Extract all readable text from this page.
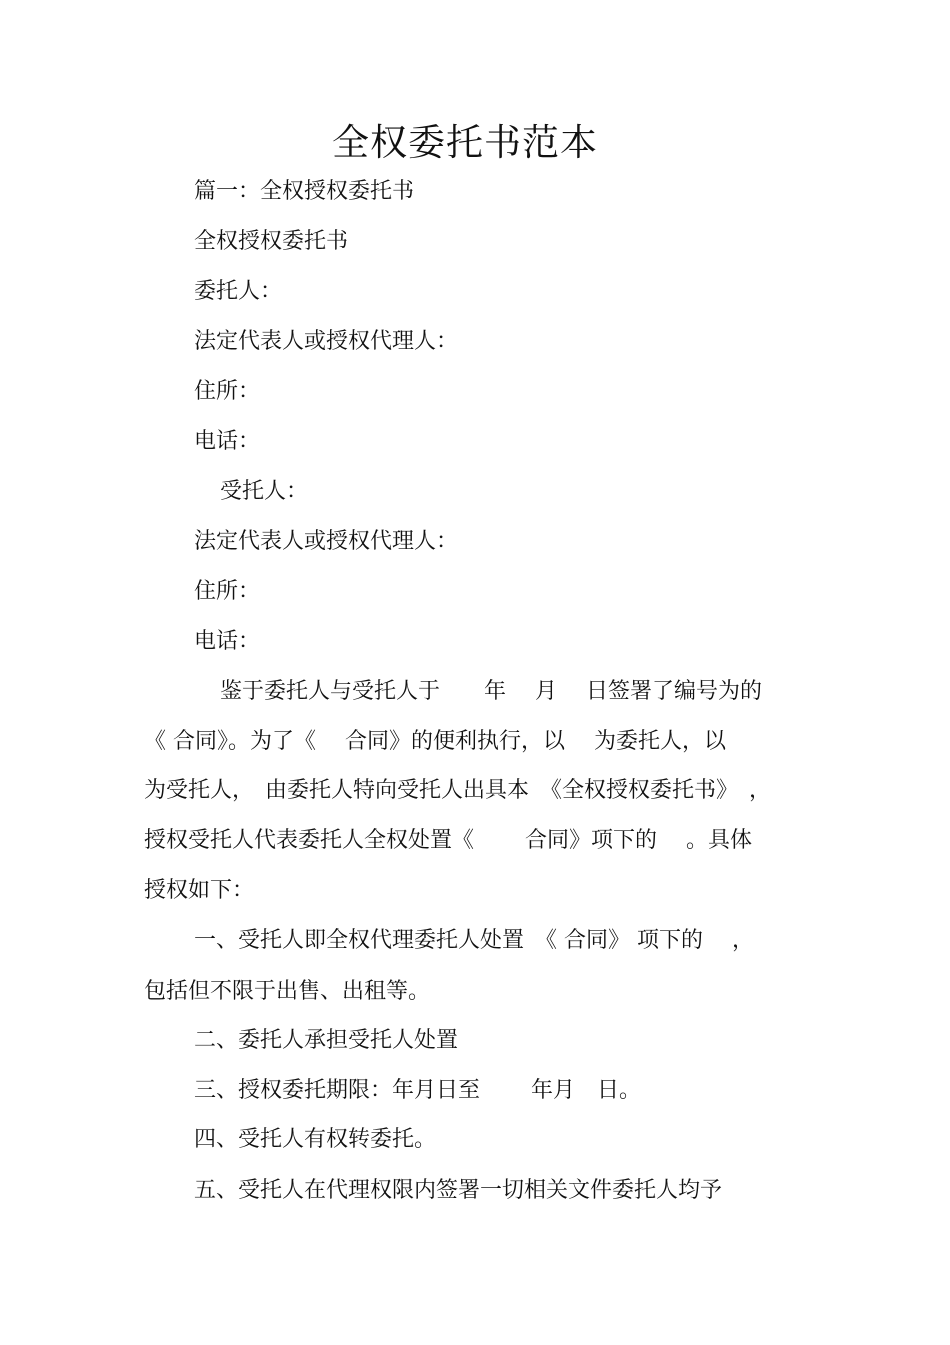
全权委托书范本
篇一：全权授权委托书
全权授权委托书
委托人：
法定代表人或授权代理人：
住所：
电话：
受托人：
法定代表人或授权代理人：
住所：
电话：
鉴于委托人与受托人于　　年　 月　 日签署了编号为的
《 合同》。为了《　 合同》的便利执行，以　 为委托人，以
为受托人，　由委托人特向受托人出具本　《全权授权委托书》　，
授权受托人代表委托人全权处置《　　 合同》项下的　 。具体
授权如下：
一、受托人即全权代理委托人处置　《 合同》 项下的　 ，
包括但不限于出售、出租等。
二、委托人承担受托人处置
三、授权委托期限：年月日至　　 年月　日。
四、受托人有权转委托。
五、受托人在代理权限内签署一切相关文件委托人均予
